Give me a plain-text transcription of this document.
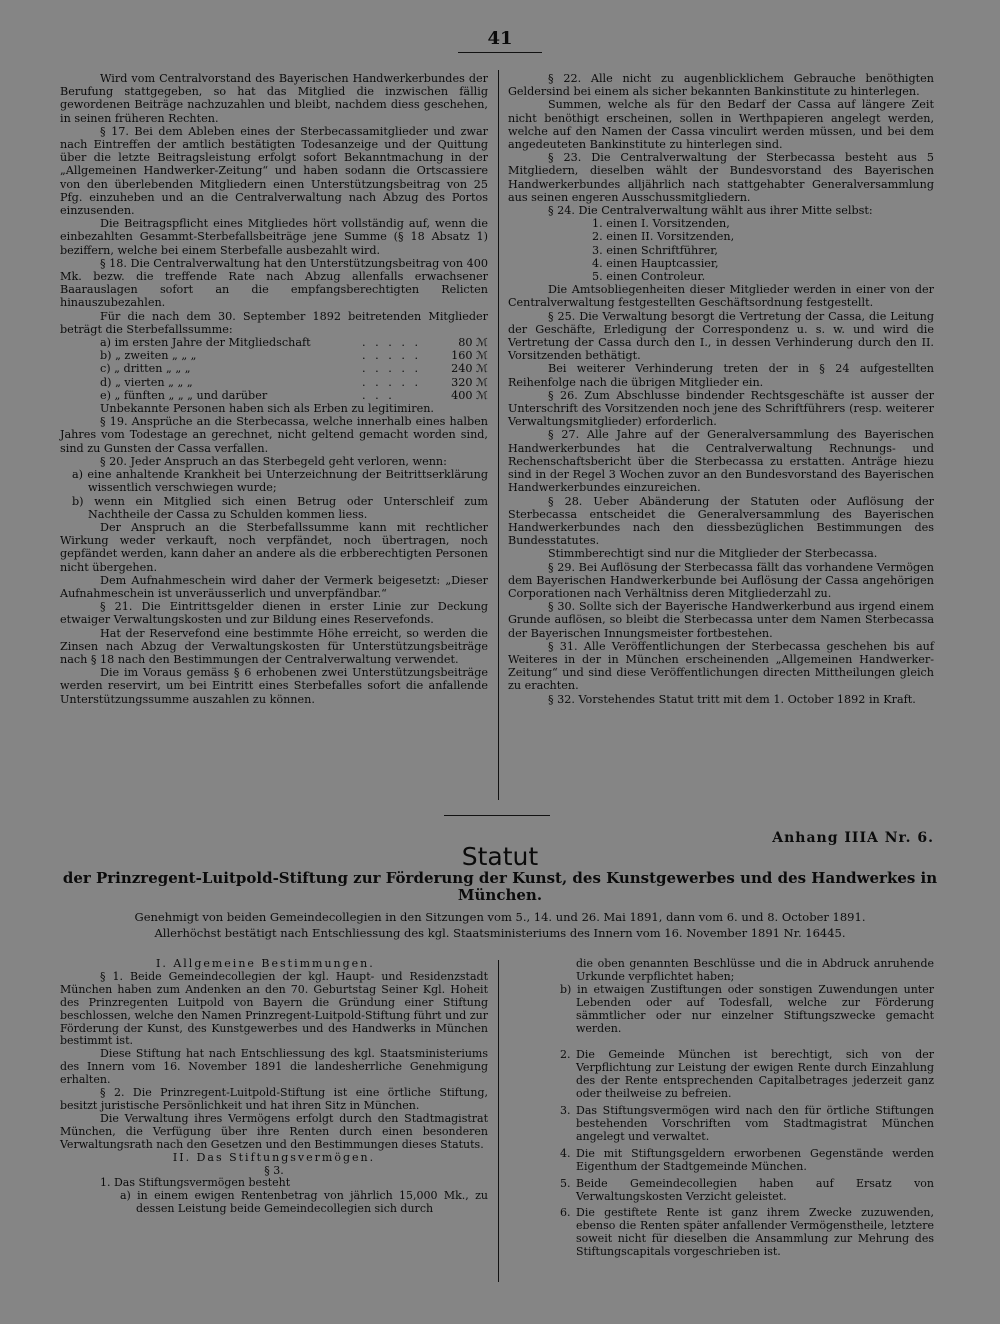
41

Wird vom Centralvorstand des Bayerischen Handwerkerbundes der Berufung stattgegeben, so hat das Mitglied die inzwischen fällig gewordenen Beiträge nachzuzahlen und bleibt, nachdem diess geschehen, in seinen früheren Rechten.

§ 17. Bei dem Ableben eines der Sterbecassamitglieder und zwar nach Eintreffen der amtlich bestätigten Todesanzeige und der Quittung über die letzte Beitragsleistung erfolgt sofort Bekanntmachung in der „Allgemeinen Handwerker-Zeitung“ und haben sodann die Ortscassiere von den überlebenden Mitgliedern einen Unterstützungsbeitrag von 25 Pfg. einzuheben und an die Centralverwaltung nach Abzug des Portos einzusenden.

Die Beitragspflicht eines Mitgliedes hört vollständig auf, wenn die einbezahlten Gesammt-Sterbefallsbeiträge jene Summe (§ 18 Absatz 1) beziffern, welche bei einem Sterbefalle ausbezahlt wird.

§ 18. Die Centralverwaltung hat den Unterstützungsbeitrag von 400 Mk. bezw. die treffende Rate nach Abzug allenfalls erwachsener Baarauslagen sofort an die empfangsberechtigten Relicten hinauszubezahlen.

Für die nach dem 30. September 1892 beitretenden Mitglieder beträgt die Sterbefallssumme:

a) im ersten Jahre der Mitgliedschaft	. . . . .	80 ℳ
b) „ zweiten „ „ „	. . . . .	160 ℳ
c) „ dritten „ „ „	. . . . .	240 ℳ
d) „ vierten „ „ „	. . . . .	320 ℳ
e) „ fünften „ „ „ und darüber	. . .	400 ℳ

Unbekannte Personen haben sich als Erben zu legitimiren.

§ 19. Ansprüche an die Sterbecassa, welche innerhalb eines halben Jahres vom Todestage an gerechnet, nicht geltend gemacht worden sind, sind zu Gunsten der Cassa verfallen.

§ 20. Jeder Anspruch an das Sterbegeld geht verloren, wenn:

a) eine anhaltende Krankheit bei Unterzeichnung der Beitrittserklärung wissentlich verschwiegen wurde;

b) wenn ein Mitglied sich einen Betrug oder Unterschleif zum Nachtheile der Cassa zu Schulden kommen liess.

Der Anspruch an die Sterbefallssumme kann mit rechtlicher Wirkung weder verkauft, noch verpfändet, noch übertragen, noch gepfändet werden, kann daher an andere als die erbberechtigten Personen nicht übergehen.

Dem Aufnahmeschein wird daher der Vermerk beigesetzt: „Dieser Aufnahmeschein ist unveräusserlich und unverpfändbar.“

§ 21. Die Eintrittsgelder dienen in erster Linie zur Deckung etwaiger Verwaltungskosten und zur Bildung eines Reservefonds.

Hat der Reservefond eine bestimmte Höhe erreicht, so werden die Zinsen nach Abzug der Verwaltungskosten für Unterstützungsbeiträge nach § 18 nach den Bestimmungen der Centralverwaltung verwendet.

Die im Voraus gemäss § 6 erhobenen zwei Unterstützungsbeiträge werden reservirt, um bei Eintritt eines Sterbefalles sofort die anfallende Unterstützungssumme auszahlen zu können.

§ 22. Alle nicht zu augenblicklichem Gebrauche benöthigten Geldersind bei einem als sicher bekannten Bankinstitute zu hinterlegen.

Summen, welche als für den Bedarf der Cassa auf längere Zeit nicht benöthigt erscheinen, sollen in Werthpapieren angelegt werden, welche auf den Namen der Cassa vinculirt werden müssen, und bei dem angedeuteten Bankinstitute zu hinterlegen sind.

§ 23. Die Centralverwaltung der Sterbecassa besteht aus 5 Mitgliedern, dieselben wählt der Bundesvorstand des Bayerischen Handwerkerbundes alljährlich nach stattgehabter Generalversammlung aus seinen engeren Ausschussmitgliedern.

§ 24. Die Centralverwaltung wählt aus ihrer Mitte selbst:

1. einen I. Vorsitzenden,
2. einen II. Vorsitzenden,
3. einen Schriftführer,
4. einen Hauptcassier,
5. einen Controleur.

Die Amtsobliegenheiten dieser Mitglieder werden in einer von der Centralverwaltung festgestellten Geschäftsordnung festgestellt.

§ 25. Die Verwaltung besorgt die Vertretung der Cassa, die Leitung der Geschäfte, Erledigung der Correspondenz u. s. w. und wird die Vertretung der Cassa durch den I., in dessen Verhinderung durch den II. Vorsitzenden bethätigt.

Bei weiterer Verhinderung treten der in § 24 aufgestellten Reihenfolge nach die übrigen Mitglieder ein.

§ 26. Zum Abschlusse bindender Rechtsgeschäfte ist ausser der Unterschrift des Vorsitzenden noch jene des Schriftführers (resp. weiterer Verwaltungsmitglieder) erforderlich.

§ 27. Alle Jahre auf der Generalversammlung des Bayerischen Handwerkerbundes hat die Centralverwaltung Rechnungs- und Rechenschaftsbericht über die Sterbecassa zu erstatten. Anträge hiezu sind in der Regel 3 Wochen zuvor an den Bundesvorstand des Bayerischen Handwerkerbundes einzureichen.

§ 28. Ueber Abänderung der Statuten oder Auflösung der Sterbecassa entscheidet die Generalversammlung des Bayerischen Handwerkerbundes nach den diessbezüglichen Bestimmungen des Bundesstatutes.

Stimmberechtigt sind nur die Mitglieder der Sterbecassa.

§ 29. Bei Auflösung der Sterbecassa fällt das vorhandene Vermögen dem Bayerischen Handwerkerbunde bei Auflösung der Cassa angehörigen Corporationen nach Verhältniss deren Mitgliederzahl zu.

§ 30. Sollte sich der Bayerische Handwerkerbund aus irgend einem Grunde auflösen, so bleibt die Sterbecassa unter dem Namen Sterbecassa der Bayerischen Innungsmeister fortbestehen.

§ 31. Alle Veröffentlichungen der Sterbecassa geschehen bis auf Weiteres in der in München erscheinenden „Allgemeinen Handwerker-Zeitung“ und sind diese Veröffentlichungen directen Mittheilungen gleich zu erachten.

§ 32. Vorstehendes Statut tritt mit dem 1. October 1892 in Kraft.

Anhang IIIA Nr. 6.
Statut
der Prinzregent-Luitpold-Stiftung zur Förderung der Kunst, des Kunstgewerbes und des Handwerkes in München.
Genehmigt von beiden Gemeindecollegien in den Sitzungen vom 5., 14. und 26. Mai 1891, dann vom 6. und 8. October 1891.
Allerhöchst bestätigt nach Entschliessung des kgl. Staatsministeriums des Innern vom 16. November 1891 Nr. 16445.

I. Allgemeine Bestimmungen.

§ 1. Beide Gemeindecollegien der kgl. Haupt- und Residenzstadt München haben zum Andenken an den 70. Geburtstag Seiner Kgl. Hoheit des Prinzregenten Luitpold von Bayern die Gründung einer Stiftung beschlossen, welche den Namen Prinzregent-Luitpold-Stiftung führt und zur Förderung der Kunst, des Kunstgewerbes und des Handwerks in München bestimmt ist.

Diese Stiftung hat nach Entschliessung des kgl. Staatsministeriums des Innern vom 16. November 1891 die landesherrliche Genehmigung erhalten.

§ 2. Die Prinzregent-Luitpold-Stiftung ist eine örtliche Stiftung, besitzt juristische Persönlichkeit und hat ihren Sitz in München.

Die Verwaltung ihres Vermögens erfolgt durch den Stadtmagistrat München, die Verfügung über ihre Renten durch einen besonderen Verwaltungsrath nach den Gesetzen und den Bestimmungen dieses Statuts.

II. Das Stiftungsvermögen.

§ 3.

1. Das Stiftungsvermögen besteht

a) in einem ewigen Rentenbetrag von jährlich 15,000 Mk., zu dessen Leistung beide Gemeindecollegien sich durch

die oben genannten Beschlüsse und die in Abdruck anruhende Urkunde verpflichtet haben;

b) in etwaigen Zustiftungen oder sonstigen Zuwendungen unter Lebenden oder auf Todesfall, welche zur Förderung sämmtlicher oder nur einzelner Stiftungszwecke gemacht werden.

2. Die Gemeinde München ist berechtigt, sich von der Verpflichtung zur Leistung der ewigen Rente durch Einzahlung des der Rente entsprechenden Capitalbetrages jederzeit ganz oder theilweise zu befreien.

3. Das Stiftungsvermögen wird nach den für örtliche Stiftungen bestehenden Vorschriften vom Stadtmagistrat München angelegt und verwaltet.

4. Die mit Stiftungsgeldern erworbenen Gegenstände werden Eigenthum der Stadtgemeinde München.

5. Beide Gemeindecollegien haben auf Ersatz von Verwaltungskosten Verzicht geleistet.

6. Die gestiftete Rente ist ganz ihrem Zwecke zuzuwenden, ebenso die Renten später anfallender Vermögenstheile, letztere soweit nicht für dieselben die Ansammlung zur Mehrung des Stiftungscapitals vorgeschrieben ist.
